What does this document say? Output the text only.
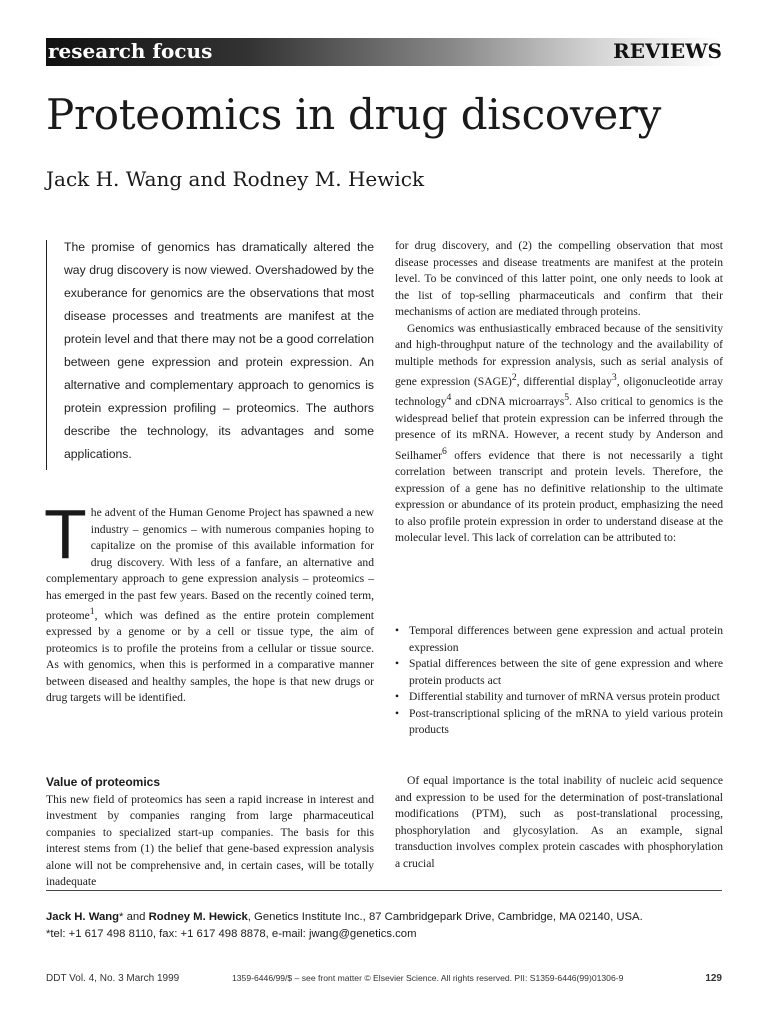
research focus	REVIEWS
Proteomics in drug discovery
Jack H. Wang and Rodney M. Hewick
The promise of genomics has dramatically altered the way drug discovery is now viewed. Overshadowed by the exuberance for genomics are the observations that most disease processes and treatments are manifest at the protein level and that there may not be a good correlation between gene expression and protein expression. An alternative and complementary approach to genomics is protein expression profiling – proteomics. The authors describe the technology, its advantages and some applications.

The advent of the Human Genome Project has spawned a new industry – genomics – with numerous companies hoping to capitalize on the promise of this available information for drug discovery. With less of a fanfare, an alternative and complementary approach to gene expression analysis – proteomics – has emerged in the past few years. Based on the recently coined term, proteome$^1$, which was defined as the entire protein complement expressed by a genome or by a cell or tissue type, the aim of proteomics is to profile the proteins from a cellular or tissue source. As with genomics, when this is performed in a comparative manner between diseased and healthy samples, the hope is that new drugs or drug targets will be identified.

Value of proteomics

This new field of proteomics has seen a rapid increase in interest and investment by companies ranging from large pharmaceutical companies to specialized start-up companies. The basis for this interest stems from (1) the belief that gene-based expression analysis alone will not be comprehensive and, in certain cases, will be totally inadequate

for drug discovery, and (2) the compelling observation that most disease processes and disease treatments are manifest at the protein level. To be convinced of this latter point, one only needs to look at the list of top-selling pharmaceuticals and confirm that their mechanisms of action are mediated through proteins.

Genomics was enthusiastically embraced because of the sensitivity and high-throughput nature of the technology and the availability of multiple methods for expression analysis, such as serial analysis of gene expression (SAGE)$^2$, differential display$^3$, oligonucleotide array technology$^4$ and cDNA microarrays$^5$. Also critical to genomics is the widespread belief that protein expression can be inferred through the presence of its mRNA. However, a recent study by Anderson and Seilhamer$^6$ offers evidence that there is not necessarily a tight correlation between transcript and protein levels. Therefore, the expression of a gene has no definitive relationship to the ultimate expression or abundance of its protein product, emphasizing the need to also profile protein expression in order to understand disease at the molecular level. This lack of correlation can be attributed to:

• Temporal differences between gene expression and actual protein expression
• Spatial differences between the site of gene expression and where protein products act
• Differential stability and turnover of mRNA versus protein product
• Post-transcriptional splicing of the mRNA to yield various protein products

Of equal importance is the total inability of nucleic acid sequence and expression to be used for the determination of post-translational modifications (PTM), such as post-translational processing, phosphorylation and glycosylation. As an example, signal transduction involves complex protein cascades with phosphorylation a crucial

Jack H. Wang* and Rodney M. Hewick, Genetics Institute Inc., 87 Cambridgepark Drive, Cambridge, MA 02140, USA.
*tel: +1 617 498 8110, fax: +1 617 498 8878, e-mail: jwang@genetics.com
DDT Vol. 4, No. 3 March 1999	1359-6446/99/$ – see front matter © Elsevier Science. All rights reserved. PII: S1359-6446(99)01306-9	129
